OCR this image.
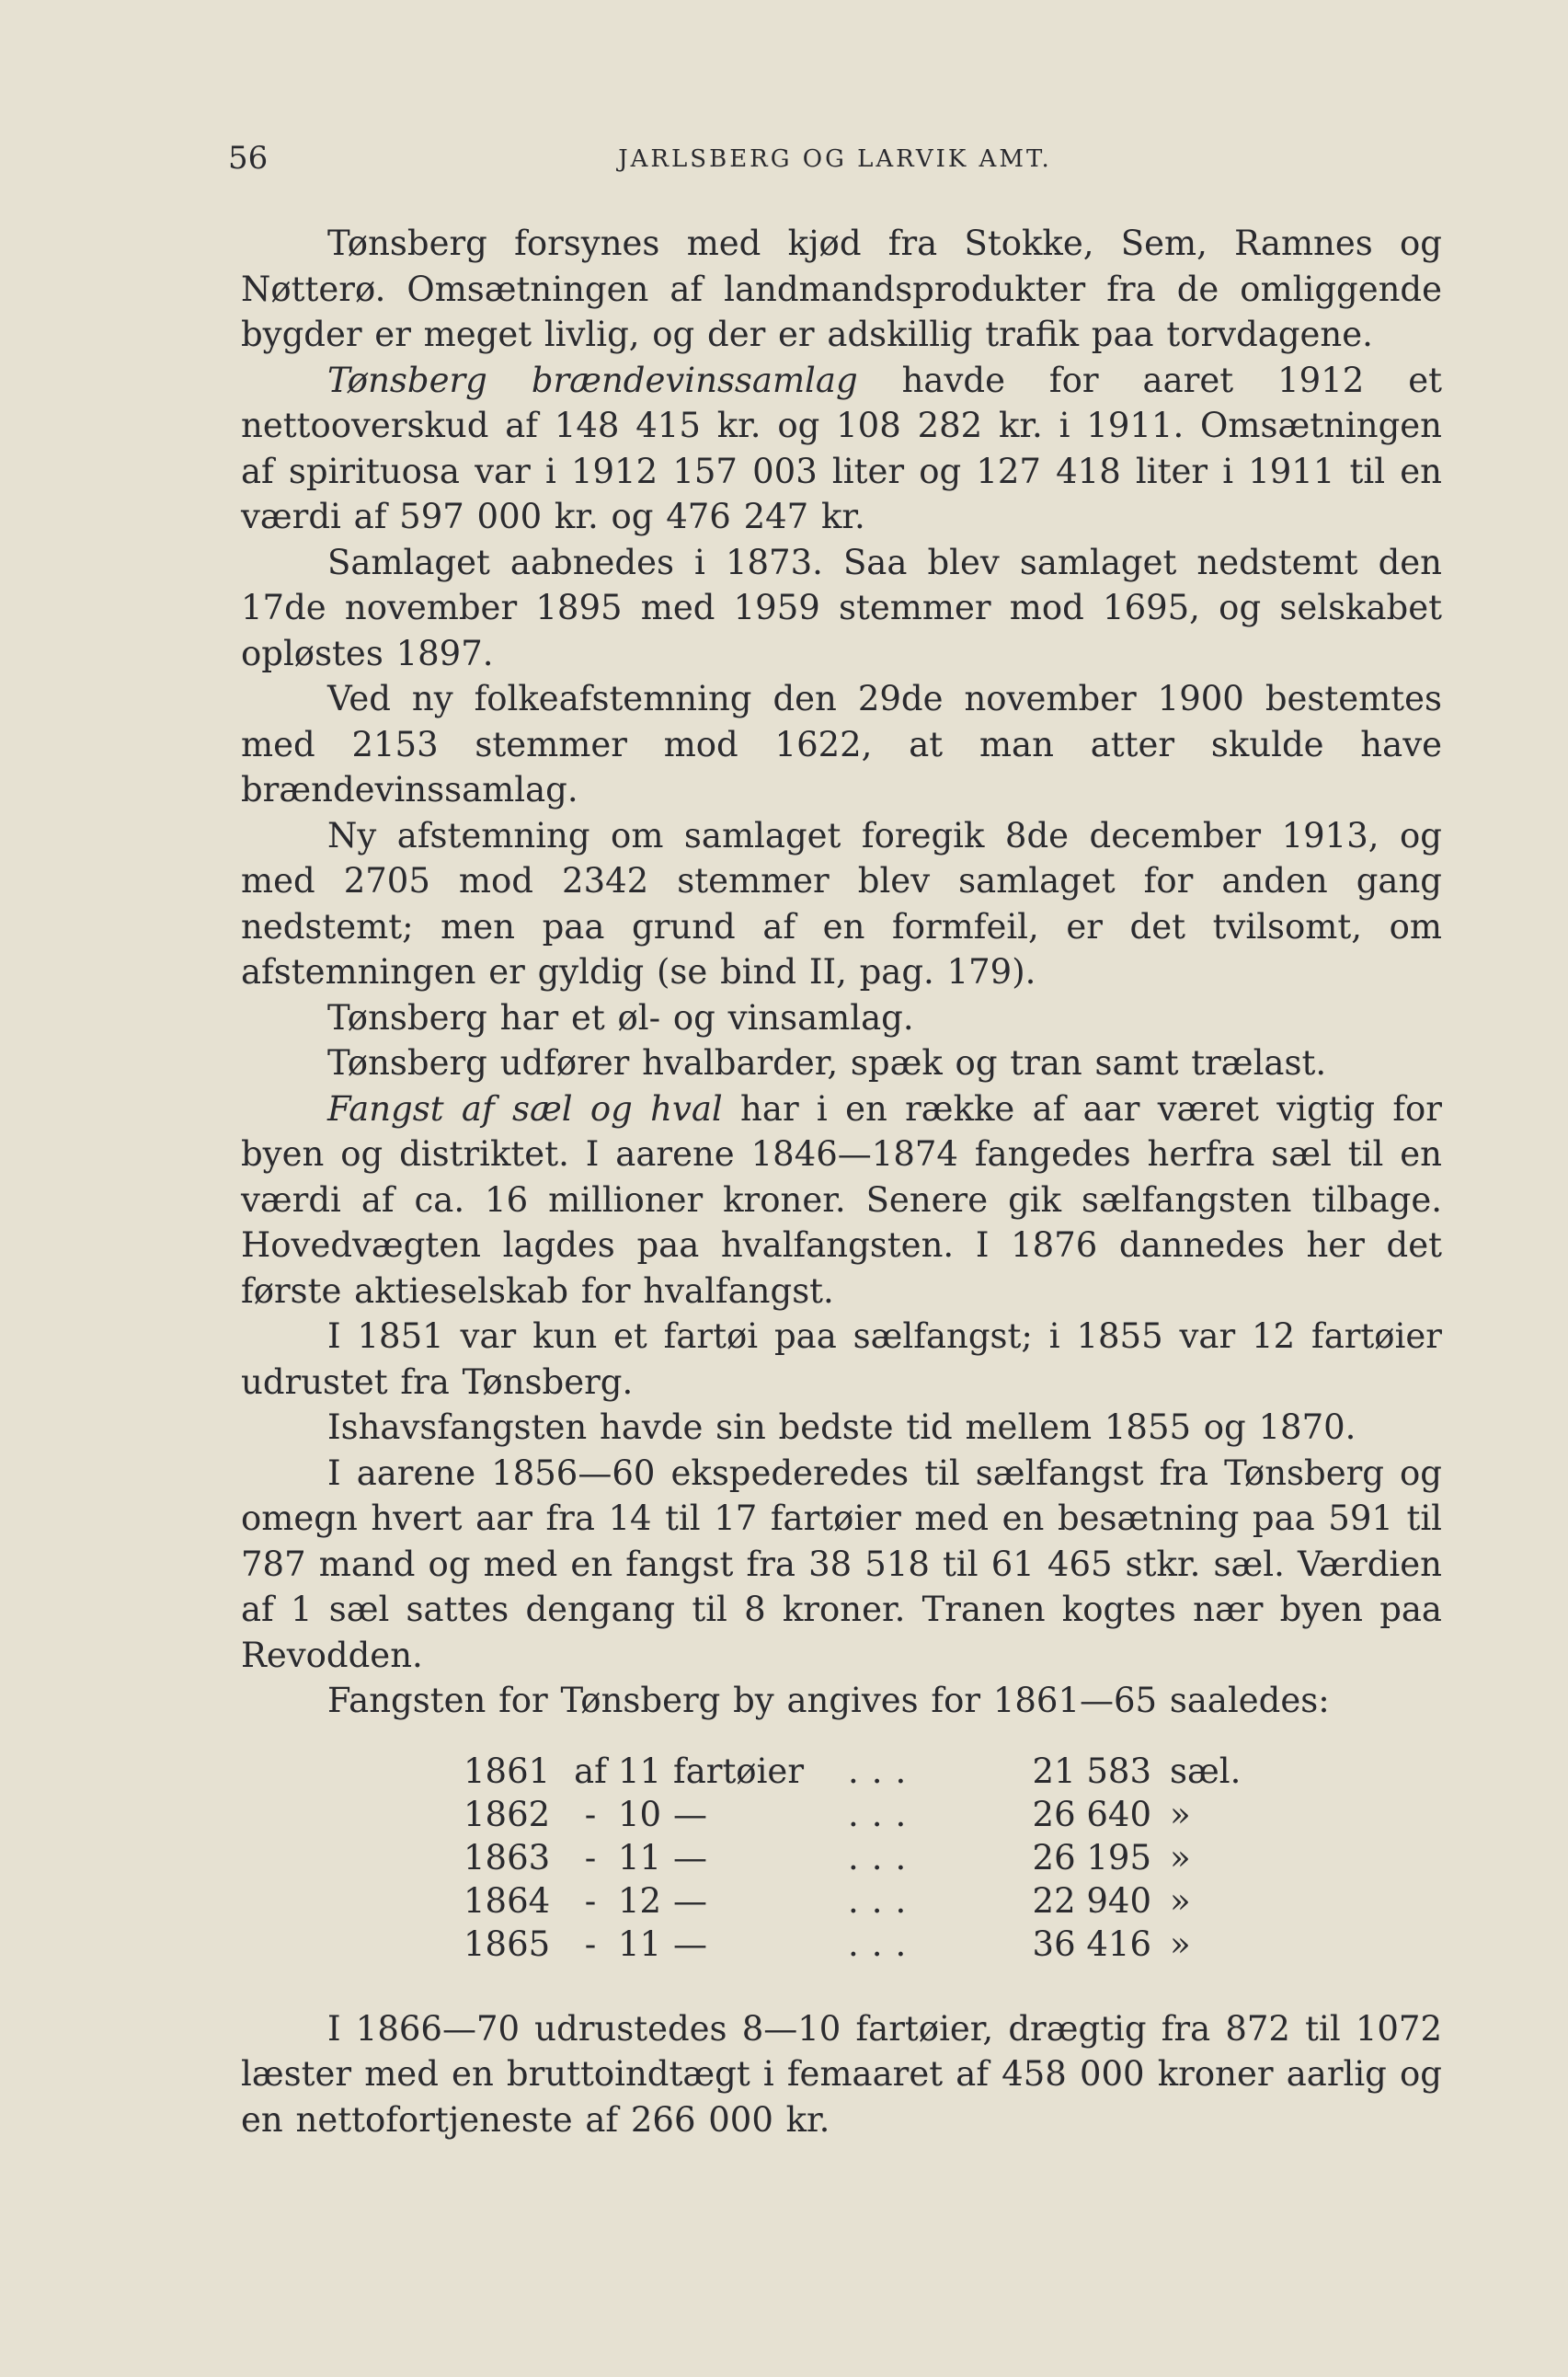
56	JARLSBERG OG LARVIK AMT.

Tønsberg forsynes med kjød fra Stokke, Sem, Ramnes og Nøtterø. Omsætningen af landmandsprodukter fra de omliggende bygder er meget livlig, og der er adskillig trafik paa torvdagene.

Tønsberg brændevinssamlag havde for aaret 1912 et nettooverskud af 148 415 kr. og 108 282 kr. i 1911. Omsætningen af spirituosa var i 1912 157 003 liter og 127 418 liter i 1911 til en værdi af 597 000 kr. og 476 247 kr.

Samlaget aabnedes i 1873. Saa blev samlaget nedstemt den 17de november 1895 med 1959 stemmer mod 1695, og selskabet opløstes 1897.

Ved ny folkeafstemning den 29de november 1900 bestemtes med 2153 stemmer mod 1622, at man atter skulde have brændevinssamlag.

Ny afstemning om samlaget foregik 8de december 1913, og med 2705 mod 2342 stemmer blev samlaget for anden gang nedstemt; men paa grund af en formfeil, er det tvilsomt, om afstemningen er gyldig (se bind II, pag. 179).

Tønsberg har et øl- og vinsamlag.

Tønsberg udfører hvalbarder, spæk og tran samt trælast.

Fangst af sæl og hval har i en række af aar været vigtig for byen og distriktet. I aarene 1846—1874 fangedes herfra sæl til en værdi af ca. 16 millioner kroner. Senere gik sælfangsten tilbage. Hovedvægten lagdes paa hvalfangsten. I 1876 dannedes her det første aktieselskab for hvalfangst.

I 1851 var kun et fartøi paa sælfangst; i 1855 var 12 fartøier udrustet fra Tønsberg.

Ishavsfangsten havde sin bedste tid mellem 1855 og 1870.

I aarene 1856—60 ekspederedes til sælfangst fra Tønsberg og omegn hvert aar fra 14 til 17 fartøier med en besætning paa 591 til 787 mand og med en fangst fra 38 518 til 61 465 stkr. sæl. Værdien af 1 sæl sattes dengang til 8 kroner. Tranen kogtes nær byen paa Revodden.

Fangsten for Tønsberg by angives for 1861—65 saaledes:

1861	af	11	fartøier	...	21 583	sæl.
1862	-	10	—	...	26 640	»
1863	-	11	—	...	26 195	»
1864	-	12	—	...	22 940	»
1865	-	11	—	...	36 416	»

I 1866—70 udrustedes 8—10 fartøier, drægtig fra 872 til 1072 læster med en bruttoindtægt i femaaret af 458 000 kroner aarlig og en nettofortjeneste af 266 000 kr.
